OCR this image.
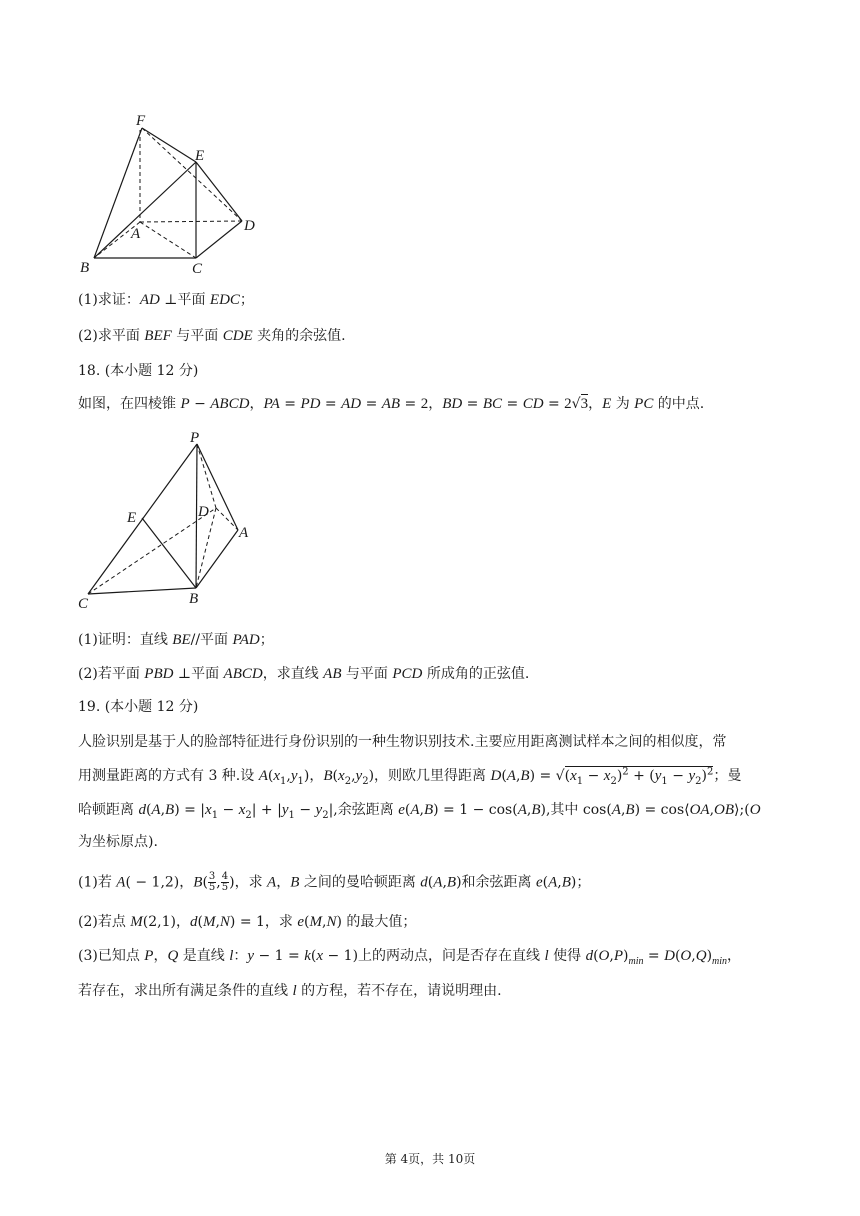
F
E
A	D
B	C
(1)求证：AD ⊥平面 EDC；
(2)求平面 BEF 与平面 CDE 夹角的余弦值.
18. (本小题 12 分)
如图，在四棱锥 P − ABCD，PA = PD = AD = AB = 2，BD = BC = CD = 2√3，E 为 PC 的中点.
P
E	D
A
C	B
(1)证明：直线 BE//平面 PAD；
(2)若平面 PBD ⊥平面 ABCD，求直线 AB 与平面 PCD 所成角的正弦值.
19. (本小题 12 分)
人脸识别是基于人的脸部特征进行身份识别的一种生物识别技术.主要应用距离测试样本之间的相似度，常
用测量距离的方式有 3 种.设 $A(x_1,y_1)$，$B(x_2,y_2)$，则欧几里得距离 $D(A,B) = √(x_1 - x_2)^2 + (y_1 - y_2)^2$；曼
哈顿距离 $d(A,B) = |x_1 - x_2| + |y_1 - y_2|$,余弦距离 e(A,B) = 1 − cos(A,B),其中 cos(A,B) = cos⟨OA,OB⟩;(O
为坐标原点).
(1)若 A( − 1,2)，$B( \frac{3}{5}$ , $\frac{4}{5}$ )，求 A，B 之间的曼哈顿距离 d(A,B)和余弦距离 e(A,B)；
(2)若点 M(2,1)，d(M,N) = 1，求 e(M,N) 的最大值；
(3)已知点 P，Q 是直线 l：y − 1 = k(x − 1)上的两动点，问是否存在直线 l 使得 $d(O,P)_{min} = D(O,Q)_{min}$，
若存在，求出所有满足条件的直线 l 的方程，若不存在，请说明理由.
第 4页，共 10页
